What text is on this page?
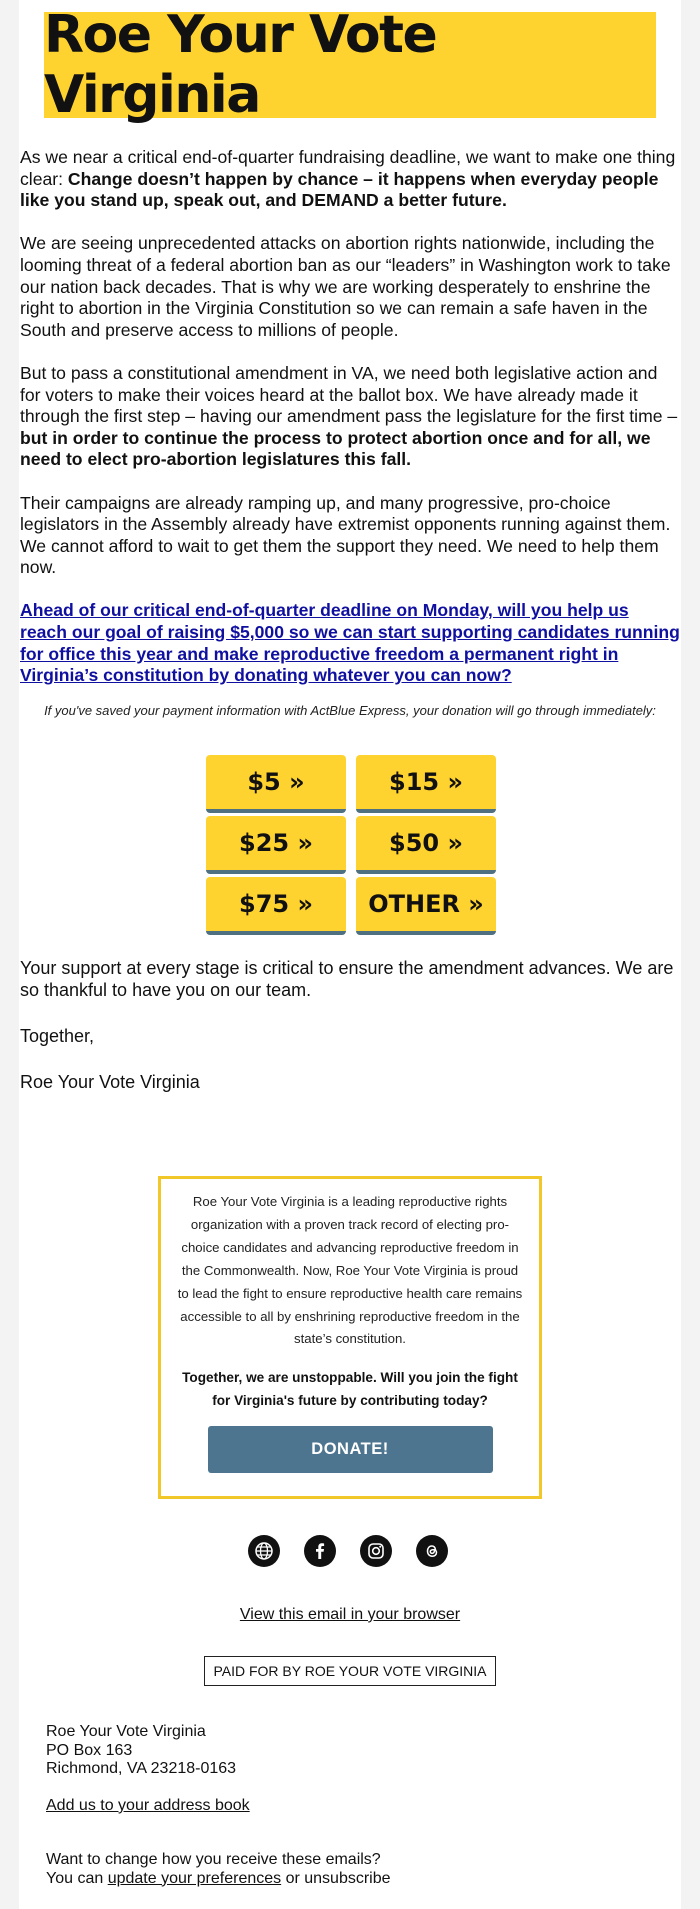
Roe Your Vote Virginia

As we near a critical end-of-quarter fundraising deadline, we want to make one thing clear: Change doesn’t happen by chance – it happens when everyday people like you stand up, speak out, and DEMAND a better future.

We are seeing unprecedented attacks on abortion rights nationwide, including the looming threat of a federal abortion ban as our “leaders” in Washington work to take our nation back decades. That is why we are working desperately to enshrine the right to abortion in the Virginia Constitution so we can remain a safe haven in the South and preserve access to millions of people.

But to pass a constitutional amendment in VA, we need both legislative action and for voters to make their voices heard at the ballot box. We have already made it through the first step – having our amendment pass the legislature for the first time – but in order to continue the process to protect abortion once and for all, we need to elect pro-abortion legislatures this fall.

Their campaigns are already ramping up, and many progressive, pro-choice legislators in the Assembly already have extremist opponents running against them. We cannot afford to wait to get them the support they need. We need to help them now.

Ahead of our critical end-of-quarter deadline on Monday, will you help us reach our goal of raising $5,000 so we can start supporting candidates running for office this year and make reproductive freedom a permanent right in Virginia’s constitution by donating whatever you can now?

If you've saved your payment information with ActBlue Express, your donation will go through immediately:
$5 »	$15 »
$25 »	$50 »
$75 »	OTHER »

Your support at every stage is critical to ensure the amendment advances. We are so thankful to have you on our team.

Together,

Roe Your Vote Virginia

Roe Your Vote Virginia is a leading reproductive rights organization with a proven track record of electing pro-choice candidates and advancing reproductive freedom in the Commonwealth. Now, Roe Your Vote Virginia is proud to lead the fight to ensure reproductive health care remains accessible to all by enshrining reproductive freedom in the state’s constitution.

Together, we are unstoppable. Will you join the fight for Virginia's future by contributing today?

DONATE!
View this email in your browser
PAID FOR BY ROE YOUR VOTE VIRGINIA
Roe Your Vote Virginia
PO Box 163
Richmond, VA 23218-0163
Add us to your address book
Want to change how you receive these emails?
You can update your preferences or unsubscribe
